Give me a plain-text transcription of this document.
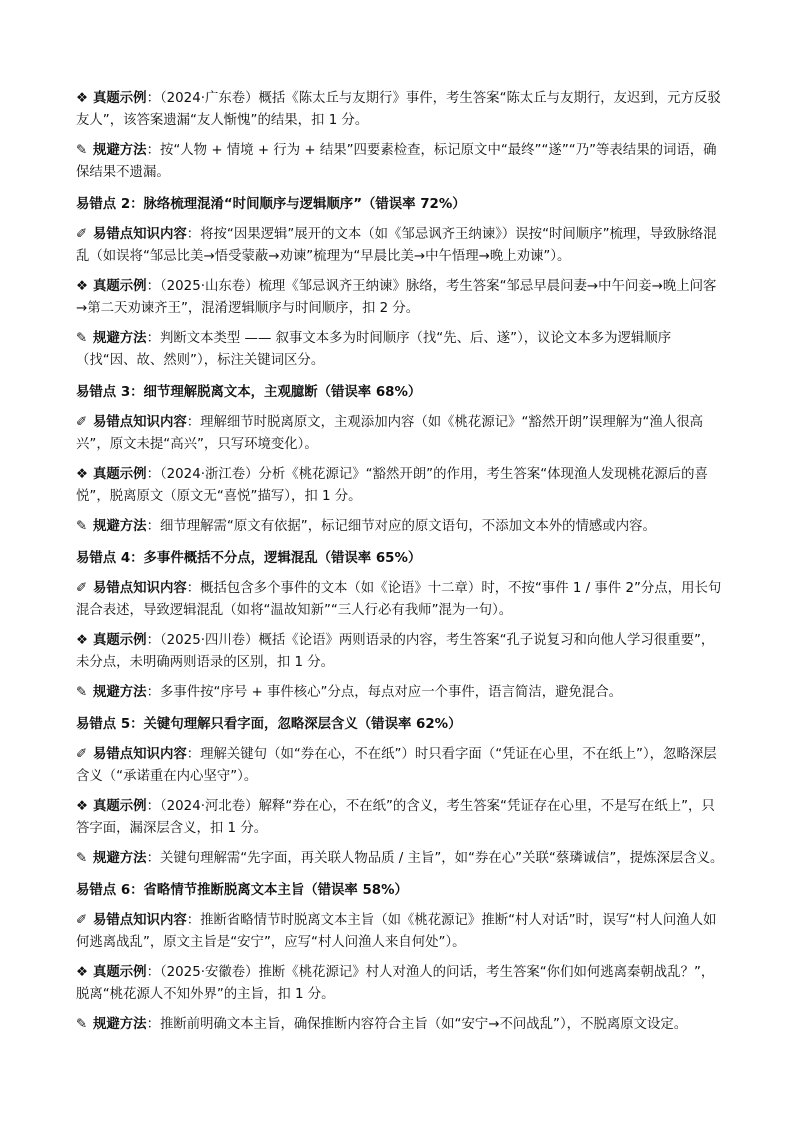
❖ 真题示例：（2024·广东卷）概括《陈太丘与友期行》事件，考生答案“陈太丘与友期行，友迟到，元方反驳友人”，该答案遗漏“友人惭愧”的结果，扣 1 分。

✎ 规避方法：按“人物 + 情境 + 行为 + 结果”四要素检查，标记原文中“最终”“遂”“乃”等表结果的词语，确保结果不遗漏。

易错点 2：脉络梳理混淆“时间顺序与逻辑顺序”（错误率 72%）

✐ 易错点知识内容：将按“因果逻辑”展开的文本（如《邹忌讽齐王纳谏》）误按“时间顺序”梳理，导致脉络混乱（如误将“邹忌比美→悟受蒙蔽→劝谏”梳理为“早晨比美→中午悟理→晚上劝谏”）。

❖ 真题示例：（2025·山东卷）梳理《邹忌讽齐王纳谏》脉络，考生答案“邹忌早晨问妻→中午问妾→晚上问客→第二天劝谏齐王”，混淆逻辑顺序与时间顺序，扣 2 分。

✎ 规避方法：判断文本类型 —— 叙事文本多为时间顺序（找“先、后、遂”），议论文本多为逻辑顺序（找“因、故、然则”），标注关键词区分。

易错点 3：细节理解脱离文本，主观臆断（错误率 68%）

✐ 易错点知识内容：理解细节时脱离原文，主观添加内容（如《桃花源记》“豁然开朗”误理解为“渔人很高兴”，原文未提“高兴”，只写环境变化）。

❖ 真题示例：（2024·浙江卷）分析《桃花源记》“豁然开朗”的作用，考生答案“体现渔人发现桃花源后的喜悦”，脱离原文（原文无“喜悦”描写），扣 1 分。

✎ 规避方法：细节理解需“原文有依据”，标记细节对应的原文语句，不添加文本外的情感或内容。

易错点 4：多事件概括不分点，逻辑混乱（错误率 65%）

✐ 易错点知识内容：概括包含多个事件的文本（如《论语》十二章）时，不按“事件 1 / 事件 2”分点，用长句混合表述，导致逻辑混乱（如将“温故知新”“三人行必有我师”混为一句）。

❖ 真题示例：（2025·四川卷）概括《论语》两则语录的内容，考生答案“孔子说复习和向他人学习很重要”，未分点，未明确两则语录的区别，扣 1 分。

✎ 规避方法：多事件按“序号 + 事件核心”分点，每点对应一个事件，语言简洁，避免混合。

易错点 5：关键句理解只看字面，忽略深层含义（错误率 62%）

✐ 易错点知识内容：理解关键句（如“券在心，不在纸”）时只看字面（“凭证在心里，不在纸上”），忽略深层含义（“承诺重在内心坚守”）。

❖ 真题示例：（2024·河北卷）解释“券在心，不在纸”的含义，考生答案“凭证存在心里，不是写在纸上”，只答字面，漏深层含义，扣 1 分。

✎ 规避方法：关键句理解需“先字面，再关联人物品质 / 主旨”，如“券在心”关联“蔡璘诚信”，提炼深层含义。

易错点 6：省略情节推断脱离文本主旨（错误率 58%）

✐ 易错点知识内容：推断省略情节时脱离文本主旨（如《桃花源记》推断“村人对话”时，误写“村人问渔人如何逃离战乱”，原文主旨是“安宁”，应写“村人问渔人来自何处”）。

❖ 真题示例：（2025·安徽卷）推断《桃花源记》村人对渔人的问话，考生答案“你们如何逃离秦朝战乱？”，脱离“桃花源人不知外界”的主旨，扣 1 分。

✎ 规避方法：推断前明确文本主旨，确保推断内容符合主旨（如“安宁→不问战乱”），不脱离原文设定。
